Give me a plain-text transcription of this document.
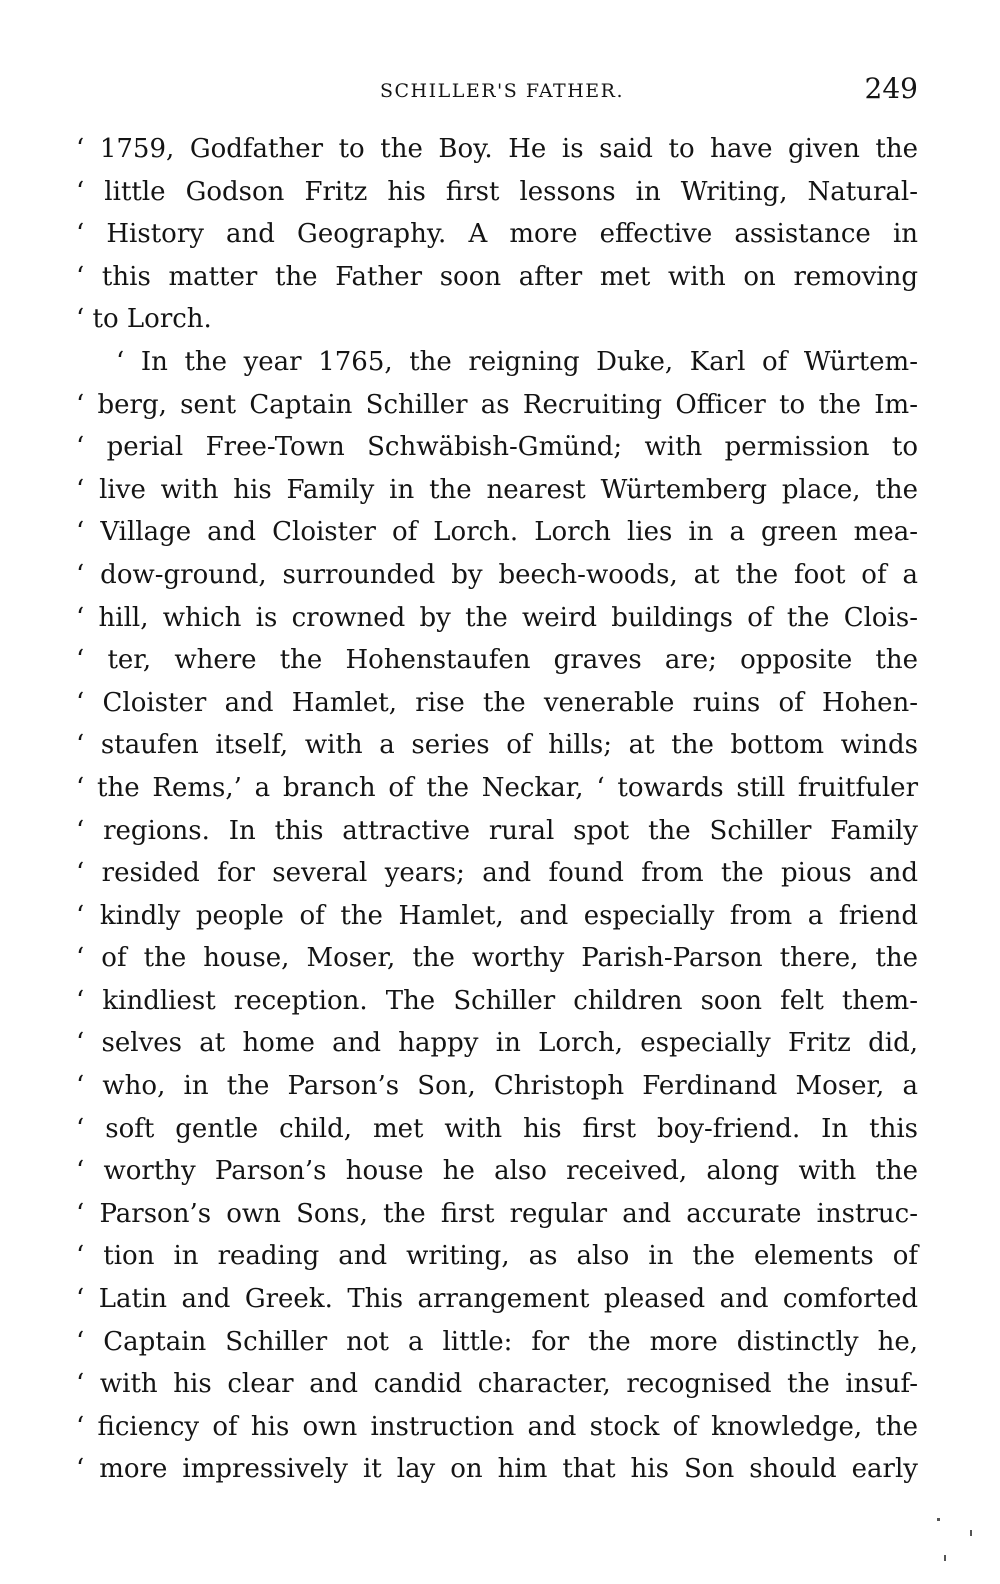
SCHILLER'S FATHER.	249
‘ 1759, Godfather to the Boy. He is said to have given the
‘ little Godson Fritz his first lessons in Writing, Natural-
‘ History and Geography. A more effective assistance in
‘ this matter the Father soon after met with on removing
‘ to Lorch.
‘ In the year 1765, the reigning Duke, Karl of Würtem-
‘ berg, sent Captain Schiller as Recruiting Officer to the Im-
‘ perial Free-Town Schwäbish-Gmünd; with permission to
‘ live with his Family in the nearest Würtemberg place, the
‘ Village and Cloister of Lorch. Lorch lies in a green mea-
‘ dow-ground, surrounded by beech-woods, at the foot of a
‘ hill, which is crowned by the weird buildings of the Clois-
‘ ter, where the Hohenstaufen graves are; opposite the
‘ Cloister and Hamlet, rise the venerable ruins of Hohen-
‘ staufen itself, with a series of hills; at the bottom winds
‘ the Rems,’ a branch of the Neckar, ‘ towards still fruitfuler
‘ regions. In this attractive rural spot the Schiller Family
‘ resided for several years; and found from the pious and
‘ kindly people of the Hamlet, and especially from a friend
‘ of the house, Moser, the worthy Parish-Parson there, the
‘ kindliest reception. The Schiller children soon felt them-
‘ selves at home and happy in Lorch, especially Fritz did,
‘ who, in the Parson’s Son, Christoph Ferdinand Moser, a
‘ soft gentle child, met with his first boy-friend. In this
‘ worthy Parson’s house he also received, along with the
‘ Parson’s own Sons, the first regular and accurate instruc-
‘ tion in reading and writing, as also in the elements of
‘ Latin and Greek. This arrangement pleased and comforted
‘ Captain Schiller not a little: for the more distinctly he,
‘ with his clear and candid character, recognised the insuf-
‘ ficiency of his own instruction and stock of knowledge, the
‘ more impressively it lay on him that his Son should early
